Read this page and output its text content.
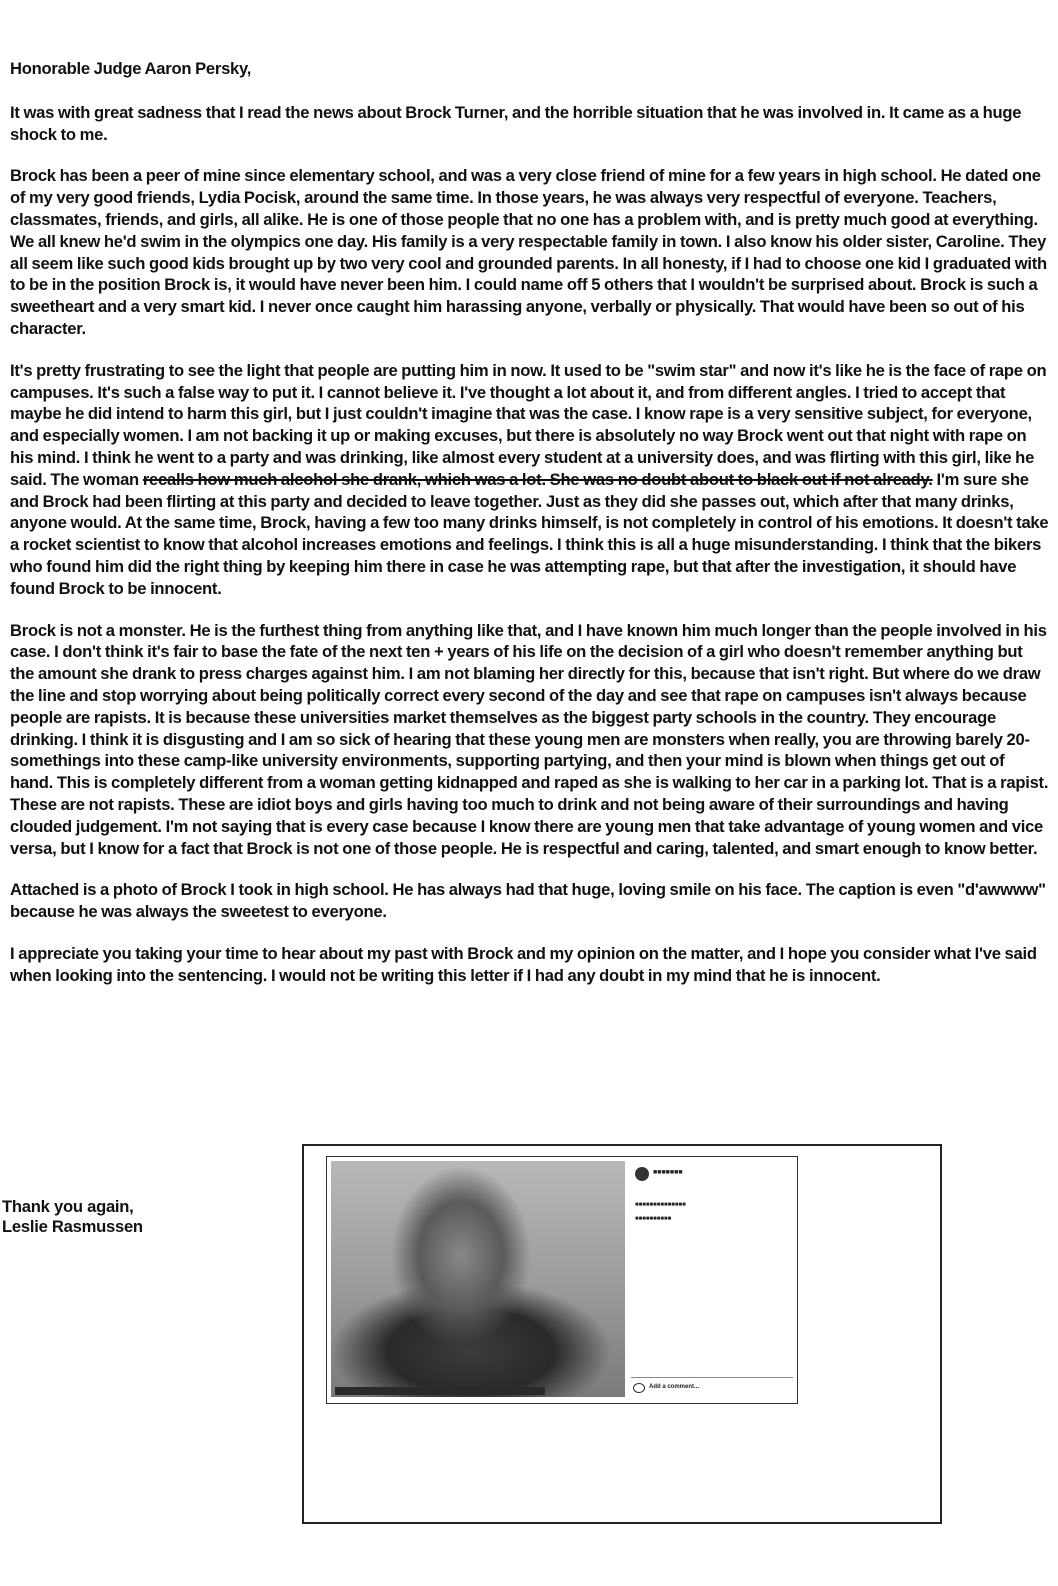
Honorable Judge Aaron Persky,

It was with great sadness that I read the news about Brock Turner, and the horrible situation that he was involved in. It came as a huge shock to me.

Brock has been a peer of mine since elementary school, and was a very close friend of mine for a few years in high school. He dated one of my very good friends, Lydia Pocisk, around the same time. In those years, he was always very respectful of everyone. Teachers, classmates, friends, and girls, all alike. He is one of those people that no one has a problem with, and is pretty much good at everything. We all knew he'd swim in the olympics one day. His family is a very respectable family in town. I also know his older sister, Caroline. They all seem like such good kids brought up by two very cool and grounded parents. In all honesty, if I had to choose one kid I graduated with to be in the position Brock is, it would have never been him. I could name off 5 others that I wouldn't be surprised about. Brock is such a sweetheart and a very smart kid. I never once caught him harassing anyone, verbally or physically. That would have been so out of his character.

It's pretty frustrating to see the light that people are putting him in now. It used to be "swim star" and now it's like he is the face of rape on campuses. It's such a false way to put it. I cannot believe it. I've thought a lot about it, and from different angles. I tried to accept that maybe he did intend to harm this girl, but I just couldn't imagine that was the case. I know rape is a very sensitive subject, for everyone, and especially women. I am not backing it up or making excuses, but there is absolutely no way Brock went out that night with rape on his mind. I think he went to a party and was drinking, like almost every student at a university does, and was flirting with this girl, like he said. The woman recalls how much alcohol she drank, which was a lot. She was no doubt about to black out if not already. I'm sure she and Brock had been flirting at this party and decided to leave together. Just as they did she passes out, which after that many drinks, anyone would. At the same time, Brock, having a few too many drinks himself, is not completely in control of his emotions. It doesn't take a rocket scientist to know that alcohol increases emotions and feelings. I think this is all a huge misunderstanding. I think that the bikers who found him did the right thing by keeping him there in case he was attempting rape, but that after the investigation, it should have found Brock to be innocent.

Brock is not a monster. He is the furthest thing from anything like that, and I have known him much longer than the people involved in his case. I don't think it's fair to base the fate of the next ten + years of his life on the decision of a girl who doesn't remember anything but the amount she drank to press charges against him. I am not blaming her directly for this, because that isn't right. But where do we draw the line and stop worrying about being politically correct every second of the day and see that rape on campuses isn't always because people are rapists. It is because these universities market themselves as the biggest party schools in the country. They encourage drinking. I think it is disgusting and I am so sick of hearing that these young men are monsters when really, you are throwing barely 20-somethings into these camp-like university environments, supporting partying, and then your mind is blown when things get out of hand. This is completely different from a woman getting kidnapped and raped as she is walking to her car in a parking lot. That is a rapist. These are not rapists. These are idiot boys and girls having too much to drink and not being aware of their surroundings and having clouded judgement. I'm not saying that is every case because I know there are young men that take advantage of young women and vice versa, but I know for a fact that Brock is not one of those people. He is respectful and caring, talented, and smart enough to know better.

Attached is a photo of Brock I took in high school. He has always had that huge, loving smile on his face. The caption is even "d'awwww" because he was always the sweetest to everyone.

I appreciate you taking your time to hear about my past with Brock and my opinion on the matter, and I hope you consider what I've said when looking into the sentencing. I would not be writing this letter if I had any doubt in my mind that he is innocent.

Thank you again,
Leslie Rasmussen
■■■■■■■
■■■■■■■■■■■■■■
■■■■■■■■■■
Add a comment...
